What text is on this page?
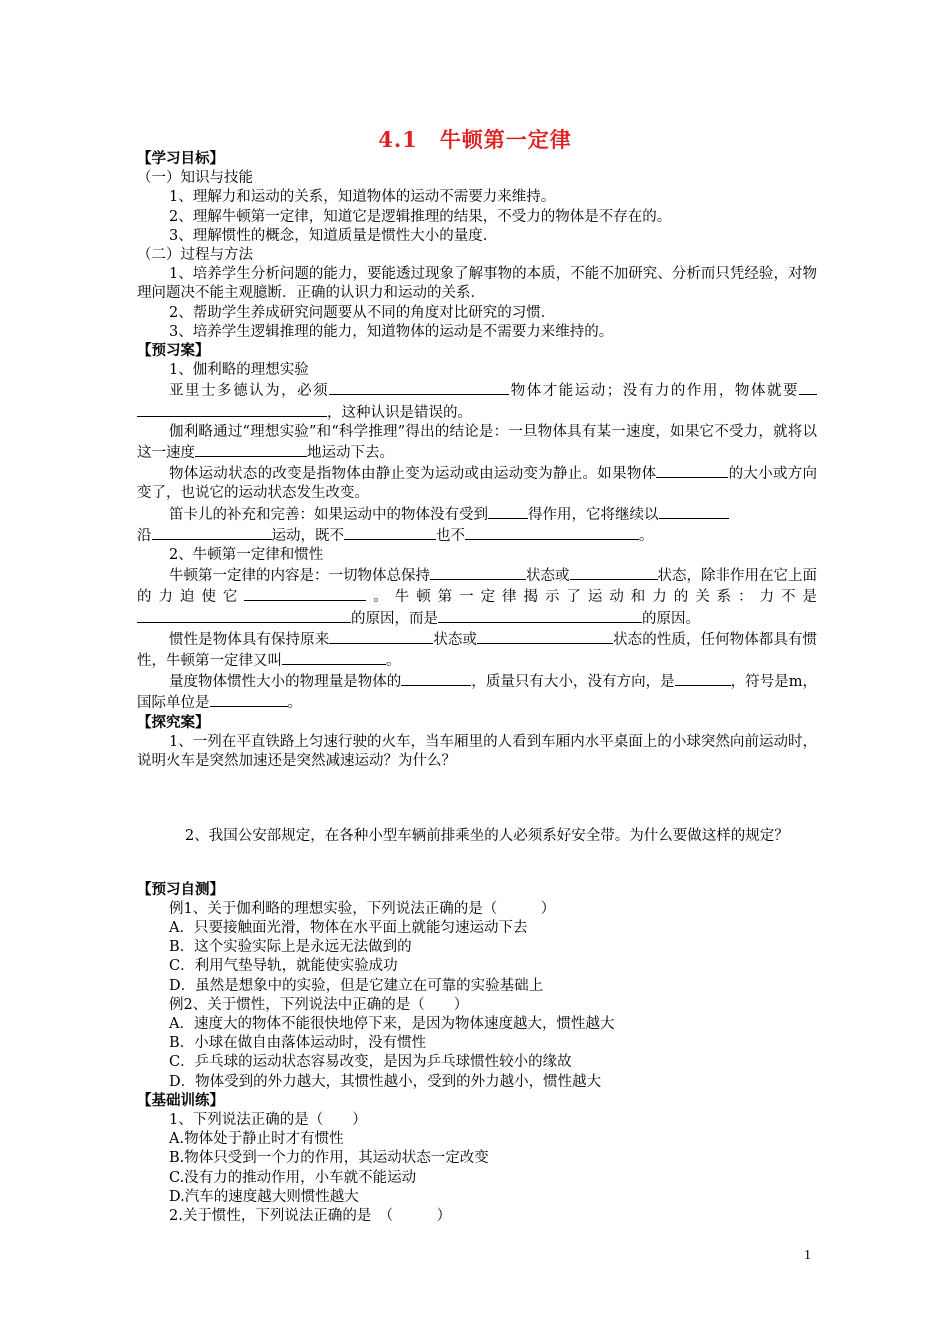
4.1　牛顿第一定律

【学习目标】

（一）知识与技能

1、理解力和运动的关系，知道物体的运动不需要力来维持。

2、理解牛顿第一定律，知道它是逻辑推理的结果，不受力的物体是不存在的。

3、理解惯性的概念，知道质量是惯性大小的量度.

（二）过程与方法

1、培养学生分析问题的能力，要能透过现象了解事物的本质，不能不加研究、分析而只凭经验，对物理问题决不能主观臆断．正确的认识力和运动的关系．

2、帮助学生养成研究问题要从不同的角度对比研究的习惯．

3、培养学生逻辑推理的能力，知道物体的运动是不需要力来维持的。

【预习案】

1、伽利略的理想实验

亚里士多德认为，必须	物体才能运动；没有力的作用，物体就要，这种认识是错误的。

伽利略通过“理想实验”和“科学推理”得出的结论是：一旦物体具有某一速度，如果它不受力，就将以这一速度	地运动下去。

物体运动状态的改变是指物体由静止变为运动或由运动变为静止。如果物体	的大小或方向变了，也说它的运动状态发生改变。

笛卡儿的补充和完善：如果运动中的物体没有受到	得作用，它将继续以
沿	运动，既不	也不	。

2、牛顿第一定律和惯性

牛顿第一定律的内容是：一切物体总保持	状态或	状态，除非作用在它上面的力迫使它	。牛顿第一定律揭示了运动和力的关系：力不是的原因，而是	的原因。

惯性是物体具有保持原来	状态或	状态的性质，任何物体都具有惯性，牛顿第一定律又叫	。

量度物体惯性大小的物理量是物体的	，质量只有大小，没有方向，是	，符号是m，国际单位是	。

【探究案】

1、一列在平直铁路上匀速行驶的火车，当车厢里的人看到车厢内水平桌面上的小球突然向前运动时，说明火车是突然加速还是突然减速运动？为什么？

2、我国公安部规定，在各种小型车辆前排乘坐的人必须系好安全带。为什么要做这样的规定？

【预习自测】

例1、关于伽利略的理想实验，下列说法正确的是（　　　）

A．只要接触面光滑，物体在水平面上就能匀速运动下去

B．这个实验实际上是永远无法做到的

C．利用气垫导轨，就能使实验成功

D．虽然是想象中的实验，但是它建立在可靠的实验基础上

例2、关于惯性，下列说法中正确的是（　　）

A．速度大的物体不能很快地停下来，是因为物体速度越大，惯性越大

B．小球在做自由落体运动时，没有惯性

C．乒乓球的运动状态容易改变，是因为乒乓球惯性较小的缘故

D．物体受到的外力越大，其惯性越小，受到的外力越小，惯性越大

【基础训练】

1、下列说法正确的是（　　）

A.物体处于静止时才有惯性

B.物体只受到一个力的作用，其运动状态一定改变

C.没有力的推动作用，小车就不能运动

D.汽车的速度越大则惯性越大

2.关于惯性，下列说法正确的是　（　　　）

1
